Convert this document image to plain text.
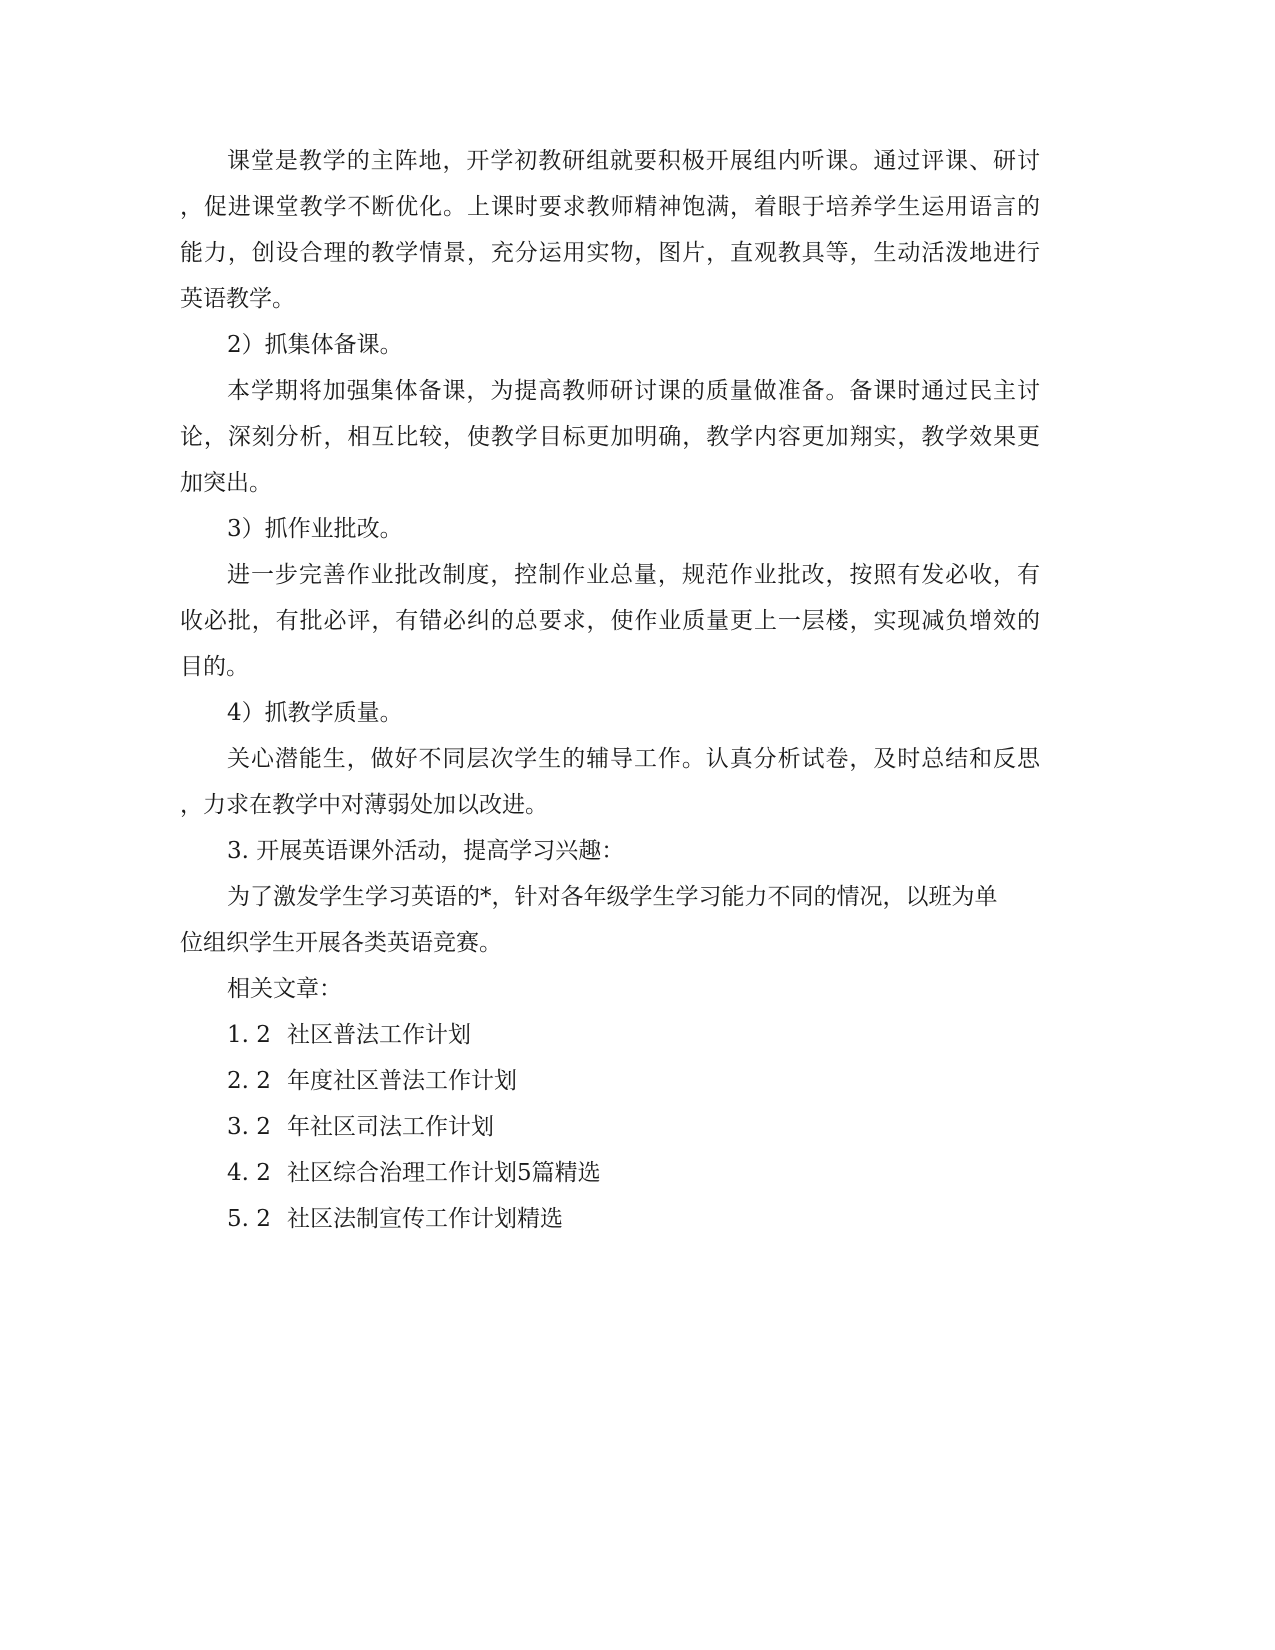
课堂是教学的主阵地，开学初教研组就要积极开展组内听课。通过评课、研讨
，促进课堂教学不断优化。上课时要求教师精神饱满，着眼于培养学生运用语言的
能力，创设合理的教学情景，充分运用实物，图片，直观教具等，生动活泼地进行
英语教学。
2）抓集体备课。
本学期将加强集体备课，为提高教师研讨课的质量做准备。备课时通过民主讨
论，深刻分析，相互比较，使教学目标更加明确，教学内容更加翔实，教学效果更
加突出。
3）抓作业批改。
进一步完善作业批改制度，控制作业总量，规范作业批改，按照有发必收，有
收必批，有批必评，有错必纠的总要求，使作业质量更上一层楼，实现减负增效的
目的。
4）抓教学质量。
关心潜能生，做好不同层次学生的辅导工作。认真分析试卷，及时总结和反思
，力求在教学中对薄弱处加以改进。
3. 开展英语课外活动，提高学习兴趣：
为了激发学生学习英语的*，针对各年级学生学习能力不同的情况，以班为单
位组织学生开展各类英语竞赛。
相关文章：
1. 2 社区普法工作计划
2. 2 年度社区普法工作计划
3. 2 年社区司法工作计划
4. 2 社区综合治理工作计划5篇精选
5. 2 社区法制宣传工作计划精选
